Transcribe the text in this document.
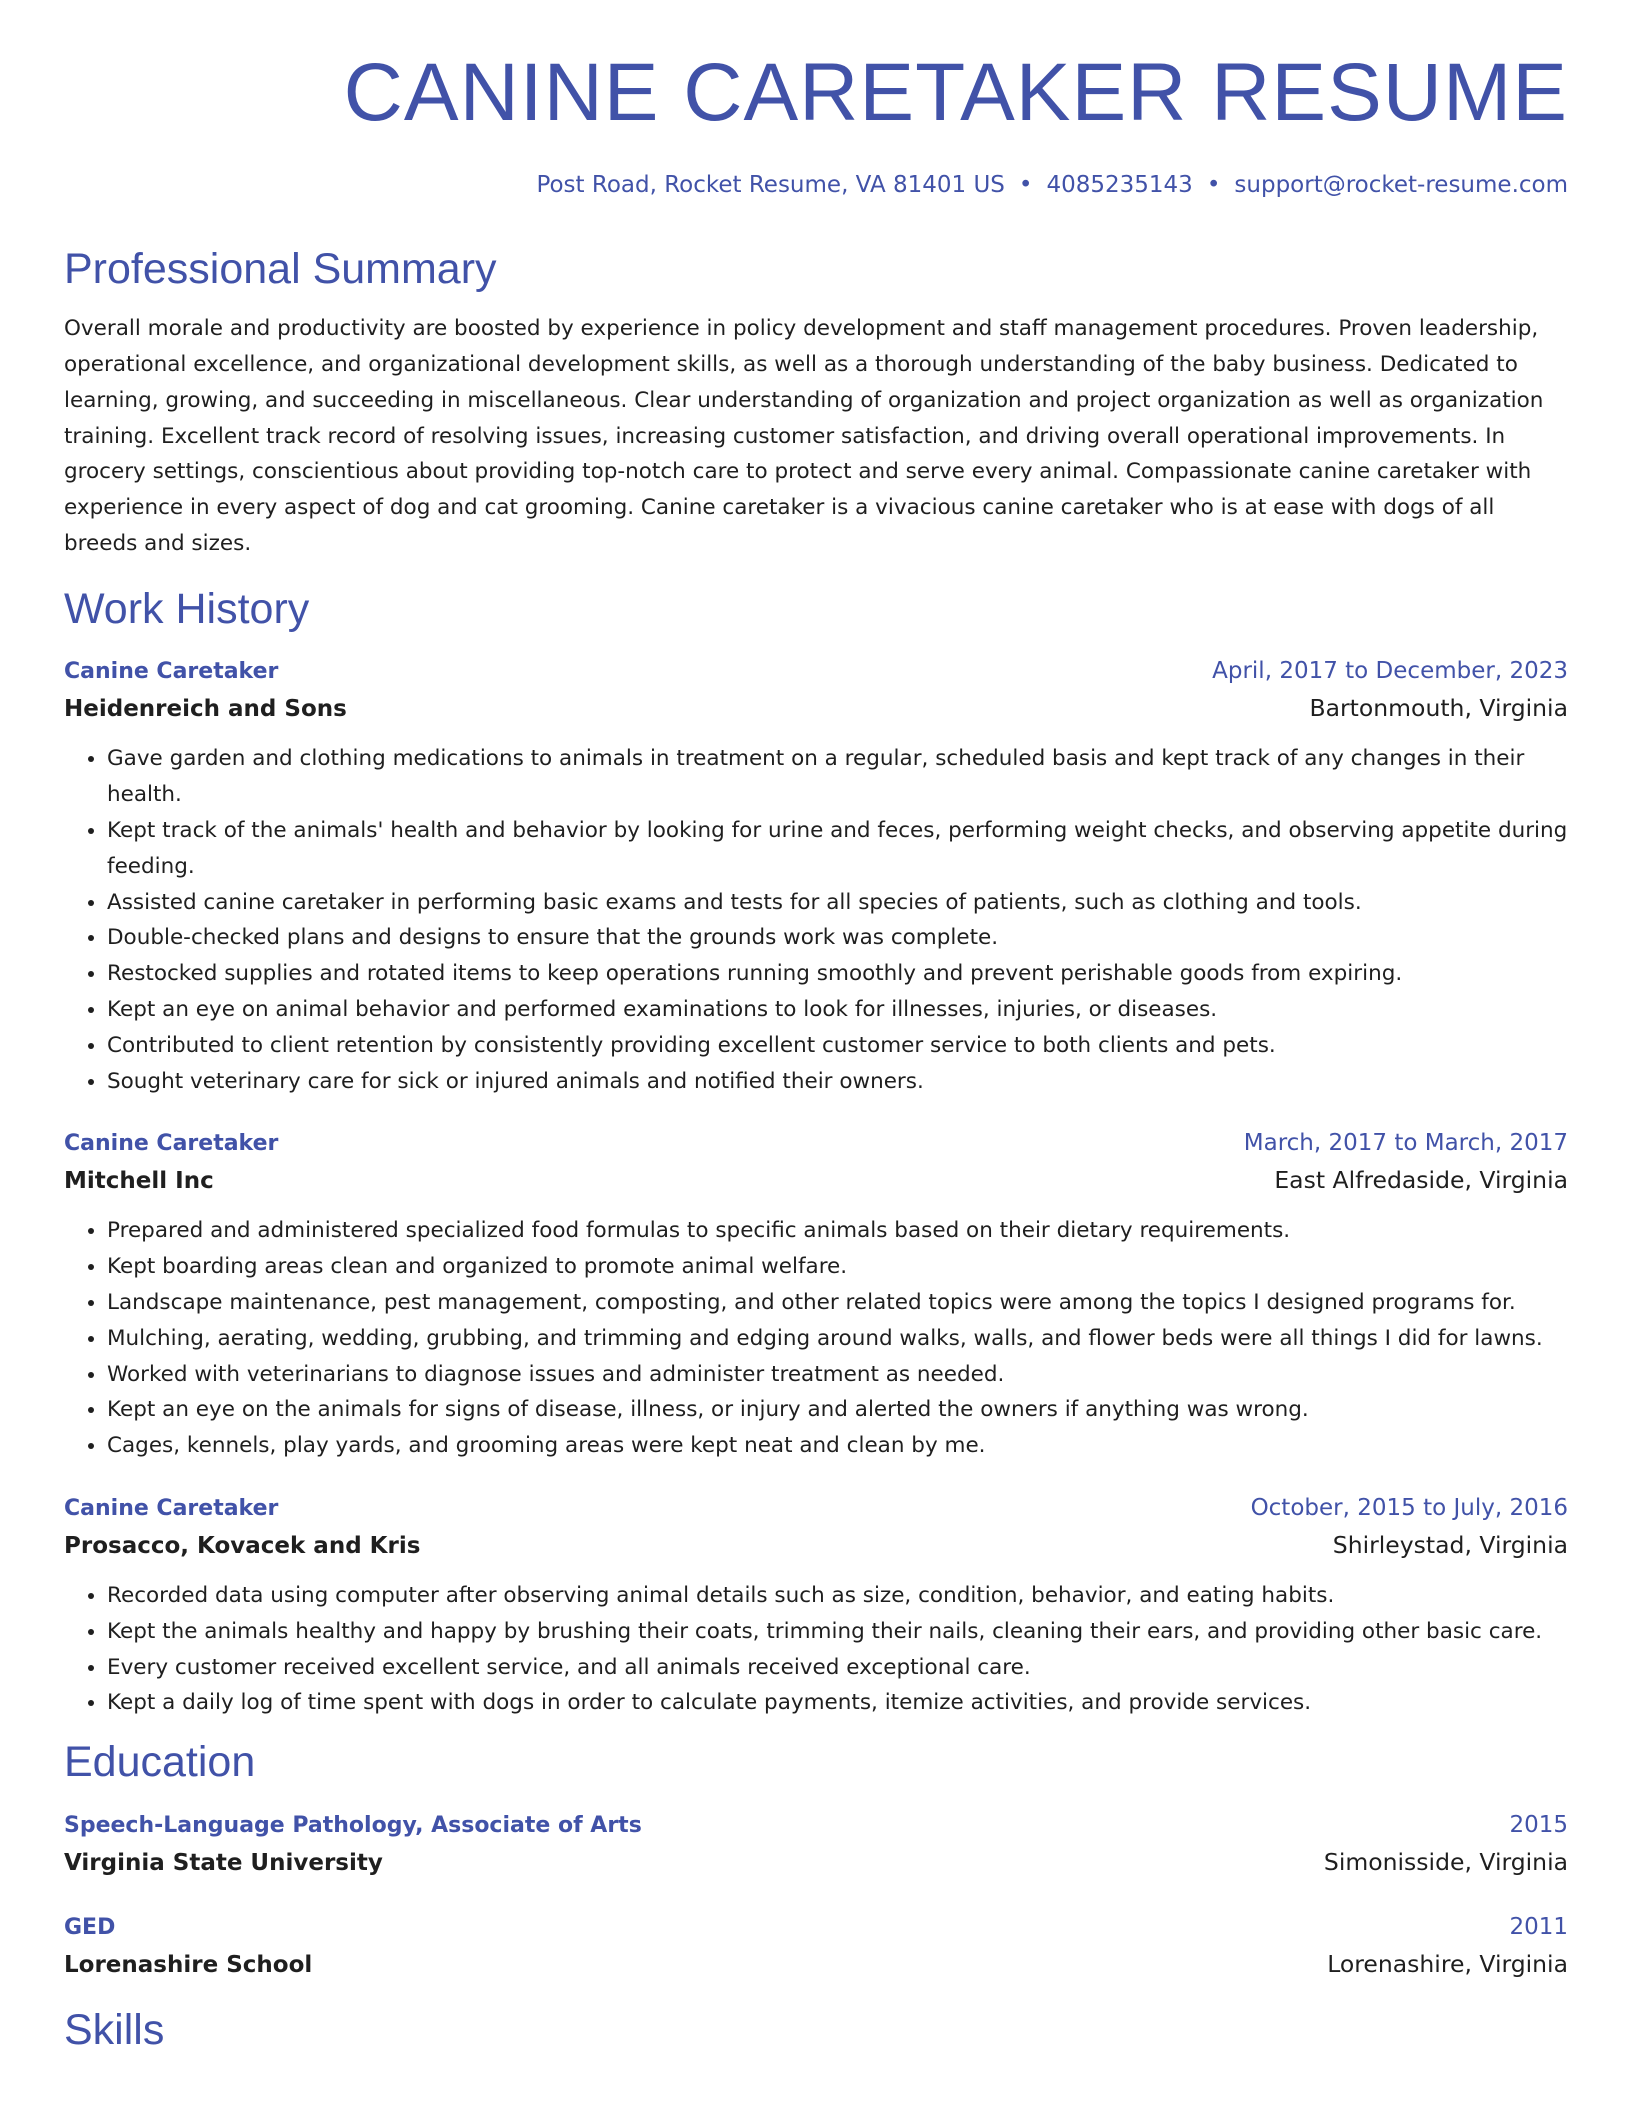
CANINE CARETAKER RESUME
Post Road, Rocket Resume, VA 81401 US • 4085235143 • support@rocket-resume.com
Professional Summary
Overall morale and productivity are boosted by experience in policy development and staff management procedures. Proven leadership, operational excellence, and organizational development skills, as well as a thorough understanding of the baby business. Dedicated to learning, growing, and succeeding in miscellaneous. Clear understanding of organization and project organization as well as organization training. Excellent track record of resolving issues, increasing customer satisfaction, and driving overall operational improvements. In grocery settings, conscientious about providing top-notch care to protect and serve every animal. Compassionate canine caretaker with experience in every aspect of dog and cat grooming. Canine caretaker is a vivacious canine caretaker who is at ease with dogs of all breeds and sizes.
Work History
Canine Caretaker	April, 2017 to December, 2023
Heidenreich and Sons	Bartonmouth, Virginia
• Gave garden and clothing medications to animals in treatment on a regular, scheduled basis and kept track of any changes in their health.
• Kept track of the animals' health and behavior by looking for urine and feces, performing weight checks, and observing appetite during feeding.
• Assisted canine caretaker in performing basic exams and tests for all species of patients, such as clothing and tools.
• Double-checked plans and designs to ensure that the grounds work was complete.
• Restocked supplies and rotated items to keep operations running smoothly and prevent perishable goods from expiring.
• Kept an eye on animal behavior and performed examinations to look for illnesses, injuries, or diseases.
• Contributed to client retention by consistently providing excellent customer service to both clients and pets.
• Sought veterinary care for sick or injured animals and notified their owners.
Canine Caretaker	March, 2017 to March, 2017
Mitchell Inc	East Alfredaside, Virginia
• Prepared and administered specialized food formulas to specific animals based on their dietary requirements.
• Kept boarding areas clean and organized to promote animal welfare.
• Landscape maintenance, pest management, composting, and other related topics were among the topics I designed programs for.
• Mulching, aerating, wedding, grubbing, and trimming and edging around walks, walls, and flower beds were all things I did for lawns.
• Worked with veterinarians to diagnose issues and administer treatment as needed.
• Kept an eye on the animals for signs of disease, illness, or injury and alerted the owners if anything was wrong.
• Cages, kennels, play yards, and grooming areas were kept neat and clean by me.
Canine Caretaker	October, 2015 to July, 2016
Prosacco, Kovacek and Kris	Shirleystad, Virginia
• Recorded data using computer after observing animal details such as size, condition, behavior, and eating habits.
• Kept the animals healthy and happy by brushing their coats, trimming their nails, cleaning their ears, and providing other basic care.
• Every customer received excellent service, and all animals received exceptional care.
• Kept a daily log of time spent with dogs in order to calculate payments, itemize activities, and provide services.
Education
Speech-Language Pathology, Associate of Arts	2015
Virginia State University	Simonisside, Virginia
GED	2011
Lorenashire School	Lorenashire, Virginia
Skills
